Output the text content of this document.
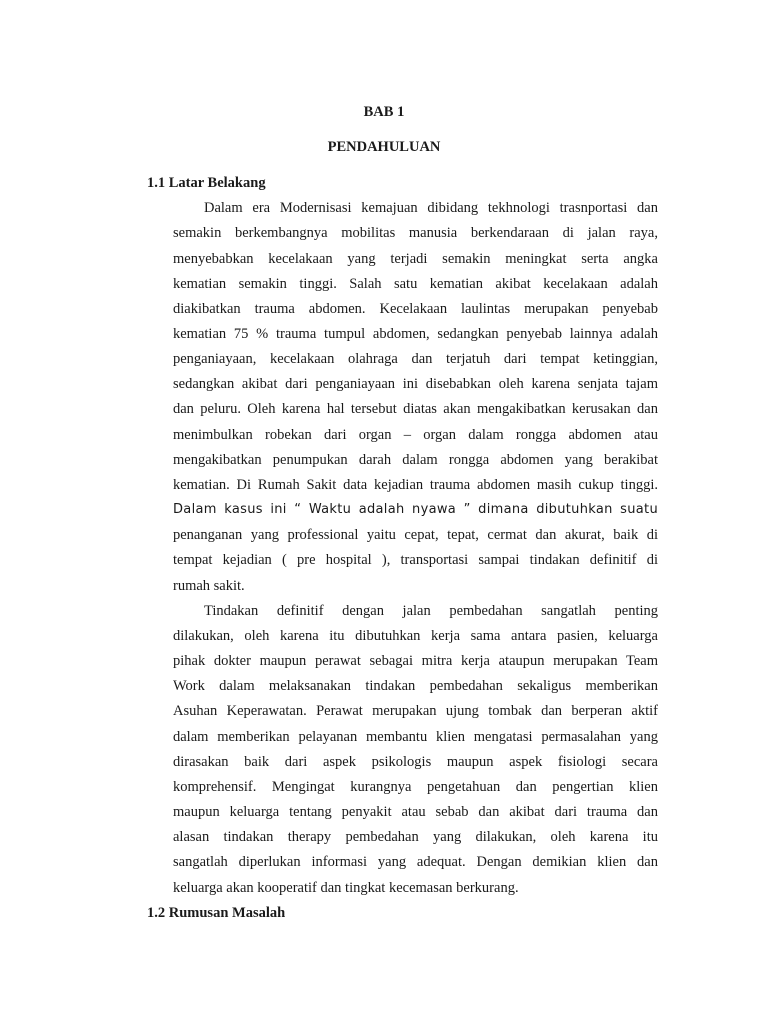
BAB 1
PENDAHULUAN
1.1 Latar Belakang

Dalam era Modernisasi kemajuan dibidang tekhnologi trasnportasi dan

semakin berkembangnya mobilitas manusia berkendaraan di jalan raya,

menyebabkan kecelakaan yang terjadi semakin meningkat serta angka

kematian semakin tinggi. Salah satu kematian akibat kecelakaan adalah

diakibatkan trauma abdomen. Kecelakaan laulintas merupakan penyebab

kematian 75 % trauma tumpul abdomen, sedangkan penyebab lainnya adalah

penganiayaan, kecelakaan olahraga dan terjatuh dari tempat ketinggian,

sedangkan akibat dari penganiayaan ini disebabkan oleh karena senjata tajam

dan peluru. Oleh karena hal tersebut diatas akan mengakibatkan kerusakan dan

menimbulkan robekan dari organ – organ dalam rongga abdomen atau

mengakibatkan penumpukan darah dalam rongga abdomen yang berakibat

kematian. Di Rumah Sakit data kejadian trauma abdomen masih cukup tinggi.

Dalam kasus ini “ Waktu adalah nyawa ” dimana dibutuhkan suatu

penanganan yang professional yaitu cepat, tepat, cermat dan akurat, baik di

tempat kejadian ( pre hospital ), transportasi sampai tindakan definitif di

rumah sakit.

Tindakan definitif dengan jalan pembedahan sangatlah penting

dilakukan, oleh karena itu dibutuhkan kerja sama antara pasien, keluarga

pihak dokter maupun perawat sebagai mitra kerja ataupun merupakan Team

Work dalam melaksanakan tindakan pembedahan sekaligus memberikan

Asuhan Keperawatan. Perawat merupakan ujung tombak dan berperan aktif

dalam memberikan pelayanan membantu klien mengatasi permasalahan yang

dirasakan baik dari aspek psikologis maupun aspek fisiologi secara

komprehensif. Mengingat kurangnya pengetahuan dan pengertian klien

maupun keluarga tentang penyakit atau sebab dan akibat dari trauma dan

alasan tindakan therapy pembedahan yang dilakukan, oleh karena itu

sangatlah diperlukan informasi yang adequat. Dengan demikian klien dan

keluarga akan kooperatif dan tingkat kecemasan berkurang.

1.2 Rumusan Masalah
